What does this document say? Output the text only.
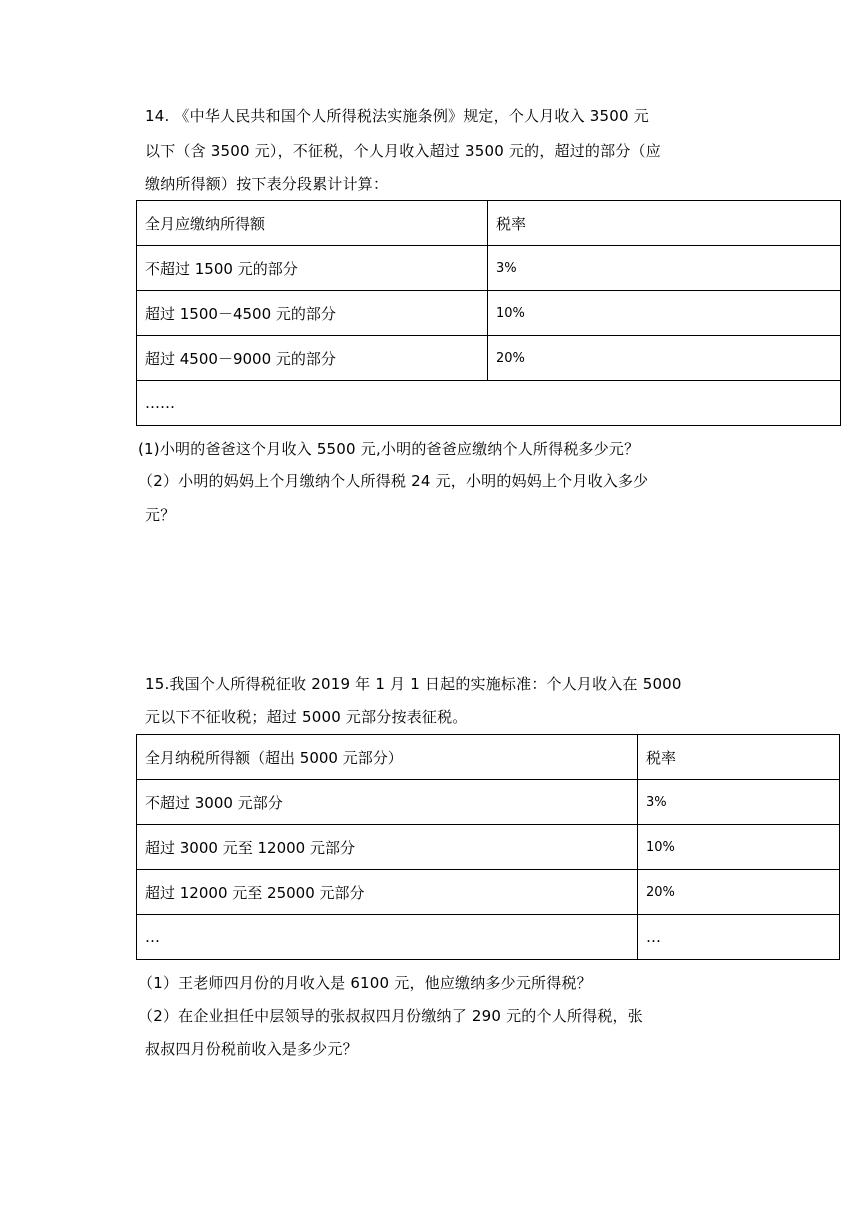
14. 《中华人民共和国个人所得税法实施条例》规定，个人月收入 3500 元
以下（含 3500 元），不征税，个人月收入超过 3500 元的，超过的部分（应
缴纳所得额）按下表分段累计计算：
全月应缴纳所得额	税率
不超过 1500 元的部分	3%
超过 1500－4500 元的部分	10%
超过 4500－9000 元的部分	20%
……	
(1)小明的爸爸这个月收入 5500 元,小明的爸爸应缴纳个人所得税多少元？
（2）小明的妈妈上个月缴纳个人所得税 24 元，小明的妈妈上个月收入多少
元？
15.我国个人所得税征收 2019 年 1 月 1 日起的实施标准：个人月收入在 5000
元以下不征收税；超过 5000 元部分按表征税。
全月纳税所得额（超出 5000 元部分）	税率
不超过 3000 元部分	3%
超过 3000 元至 12000 元部分	10%
超过 12000 元至 25000 元部分	20%
…	…
（1）王老师四月份的月收入是 6100 元，他应缴纳多少元所得税？
（2）在企业担任中层领导的张叔叔四月份缴纳了 290 元的个人所得税，张
叔叔四月份税前收入是多少元？
